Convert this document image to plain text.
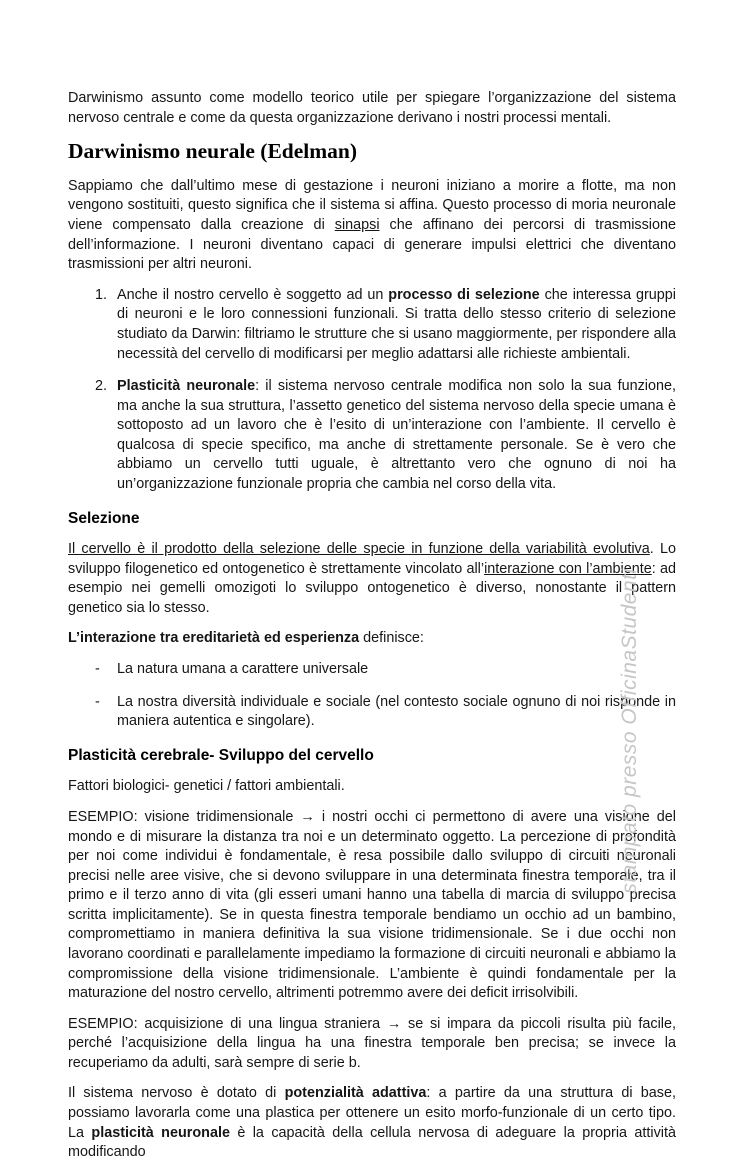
Darwinismo assunto come modello teorico utile per spiegare l’organizzazione del sistema nervoso centrale e come da questa organizzazione derivano i nostri processi mentali.

Darwinismo neurale (Edelman)

Sappiamo che dall’ultimo mese di gestazione i neuroni iniziano a morire a flotte, ma non vengono sostituiti, questo significa che il sistema si affina. Questo processo di moria neuronale viene compensato dalla creazione di sinapsi che affinano dei percorsi di trasmissione dell’informazione. I neuroni diventano capaci di generare impulsi elettrici che diventano trasmissioni per altri neuroni.

1. Anche il nostro cervello è soggetto ad un processo di selezione che interessa gruppi di neuroni e le loro connessioni funzionali. Si tratta dello stesso criterio di selezione studiato da Darwin: filtriamo le strutture che si usano maggiormente, per rispondere alla necessità del cervello di modificarsi per meglio adattarsi alle richieste ambientali.
2. Plasticità neuronale: il sistema nervoso centrale modifica non solo la sua funzione, ma anche la sua struttura, l’assetto genetico del sistema nervoso della specie umana è sottoposto ad un lavoro che è l’esito di un’interazione con l’ambiente. Il cervello è qualcosa di specie specifico, ma anche di strettamente personale. Se è vero che abbiamo un cervello tutti uguale, è altrettanto vero che ognuno di noi ha un’organizzazione funzionale propria che cambia nel corso della vita.
Selezione

Il cervello è il prodotto della selezione delle specie in funzione della variabilità evolutiva. Lo sviluppo filogenetico ed ontogenetico è strettamente vincolato all’interazione con l’ambiente: ad esempio nei gemelli omozigoti lo sviluppo ontogenetico è diverso, nonostante il pattern genetico sia lo stesso.

L’interazione tra ereditarietà ed esperienza definisce:

-	La natura umana a carattere universale
-	La nostra diversità individuale e sociale (nel contesto sociale ognuno di noi risponde in maniera autentica e singolare).
Plasticità cerebrale- Sviluppo del cervello

Fattori biologici- genetici / fattori ambientali.

ESEMPIO: visione tridimensionale → i nostri occhi ci permettono di avere una visione del mondo e di misurare la distanza tra noi e un determinato oggetto. La percezione di profondità per noi come individui è fondamentale, è resa possibile dallo sviluppo di circuiti neuronali precisi nelle aree visive, che si devono sviluppare in una determinata finestra temporale, tra il primo e il terzo anno di vita (gli esseri umani hanno una tabella di marcia di sviluppo precisa scritta implicitamente). Se in questa finestra temporale bendiamo un occhio ad un bambino, compromettiamo in maniera definitiva la sua visione tridimensionale. Se i due occhi non lavorano coordinati e parallelamente impediamo la formazione di circuiti neuronali e abbiamo la compromissione della visione tridimensionale. L’ambiente è quindi fondamentale per la maturazione del nostro cervello, altrimenti potremmo avere dei deficit irrisolvibili.

ESEMPIO: acquisizione di una lingua straniera → se si impara da piccoli risulta più facile, perché l’acquisizione della lingua ha una finestra temporale ben precisa; se invece la recuperiamo da adulti, sarà sempre di serie b.

Il sistema nervoso è dotato di potenzialità adattiva: a partire da una struttura di base, possiamo lavorarla come una plastica per ottenere un esito morfo-funzionale di un certo tipo. La plasticità neuronale è la capacità della cellula nervosa di adeguare la propria attività modificando

stampato presso OfficinaStudenti
